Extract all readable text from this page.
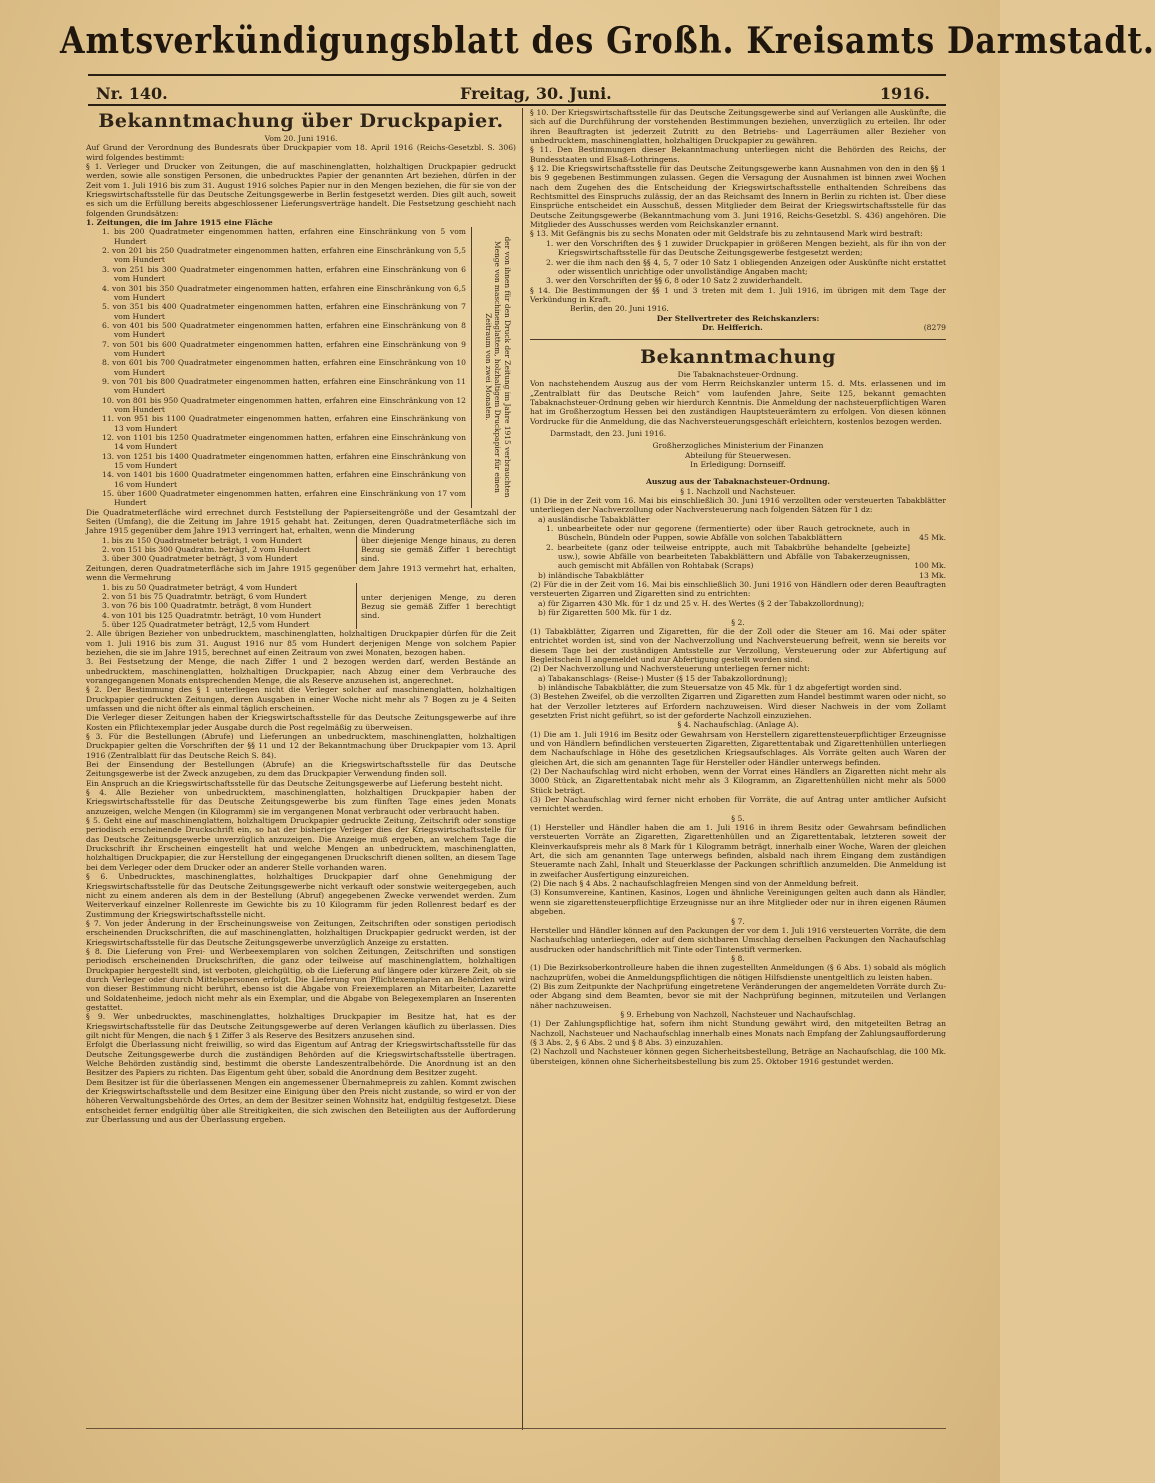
Amtsverkündigungsblatt des Großh. Kreisamts Darmstadt.
Nr. 140.	Freitag, 30. Juni.	1916.
Bekanntmachung über Druckpapier.

Vom 20. Juni 1916.

Auf Grund der Verordnung des Bundesrats über Druckpapier vom 18. April 1916 (Reichs-Gesetzbl. S. 306) wird folgendes bestimmt:

§ 1. Verleger und Drucker von Zeitungen, die auf maschinenglatten, holzhaltigen Druckpapier gedruckt werden, sowie alle sonstigen Personen, die unbedrucktes Papier der genannten Art beziehen, dürfen in der Zeit vom 1. Juli 1916 bis zum 31. August 1916 solches Papier nur in den Mengen beziehen, die für sie von der Kriegswirtschaftsstelle für das Deutsche Zeitungsgewerbe in Berlin festgesetzt werden. Dies gilt auch, soweit es sich um die Erfüllung bereits abgeschlossener Lieferungsverträge handelt. Die Festsetzung geschieht nach folgenden Grundsätzen:

1. Zeitungen, die im Jahre 1915 eine Fläche

1. bis 200 Quadratmeter eingenommen hatten, erfahren eine Einschränkung von 5 vom Hundert

2. von 201 bis 250 Quadratmeter eingenommen hatten, erfahren eine Einschränkung von 5,5 vom Hundert

3. von 251 bis 300 Quadratmeter eingenommen hatten, erfahren eine Einschränkung von 6 vom Hundert

4. von 301 bis 350 Quadratmeter eingenommen hatten, erfahren eine Einschränkung von 6,5 vom Hundert

5. von 351 bis 400 Quadratmeter eingenommen hatten, erfahren eine Einschränkung von 7 vom Hundert

6. von 401 bis 500 Quadratmeter eingenommen hatten, erfahren eine Einschränkung von 8 vom Hundert

7. von 501 bis 600 Quadratmeter eingenommen hatten, erfahren eine Einschränkung von 9 vom Hundert

8. von 601 bis 700 Quadratmeter eingenommen hatten, erfahren eine Einschränkung von 10 vom Hundert

9. von 701 bis 800 Quadratmeter eingenommen hatten, erfahren eine Einschränkung von 11 vom Hundert

10. von 801 bis 950 Quadratmeter eingenommen hatten, erfahren eine Einschränkung von 12 vom Hundert

11. von 951 bis 1100 Quadratmeter eingenommen hatten, erfahren eine Einschränkung von 13 vom Hundert

12. von 1101 bis 1250 Quadratmeter eingenommen hatten, erfahren eine Einschränkung von 14 vom Hundert

13. von 1251 bis 1400 Quadratmeter eingenommen hatten, erfahren eine Einschränkung von 15 vom Hundert

14. von 1401 bis 1600 Quadratmeter eingenommen hatten, erfahren eine Einschränkung von 16 vom Hundert

15. über 1600 Quadratmeter eingenommen hatten, erfahren eine Einschränkung von 17 vom Hundert

der von ihnen für den Druck der Zeitung im Jahre 1915 verbrauchten Menge von maschinenglattem, holzhaltigem Druckpapier für einen Zeitraum von zwei Monaten.

Die Quadratmeterfläche wird errechnet durch Feststellung der Papierseitengröße und der Gesamtzahl der Seiten (Umfang), die die Zeitung im Jahre 1915 gehabt hat. Zeitungen, deren Quadratmeterfläche sich im Jahre 1915 gegenüber dem Jahre 1913 verringert hat, erhalten, wenn die Minderung

1. bis zu 150 Quadratmeter beträgt, 1 vom Hundert

2. von 151 bis 300 Quadratm. beträgt, 2 vom Hundert

3. über 300 Quadratmeter beträgt, 3 vom Hundert

über diejenige Menge hinaus, zu deren Bezug sie gemäß Ziffer 1 berechtigt sind.

Zeitungen, deren Quadratmeterfläche sich im Jahre 1915 gegenüber dem Jahre 1913 vermehrt hat, erhalten, wenn die Vermehrung

1. bis zu 50 Quadratmeter beträgt, 4 vom Hundert

2. von 51 bis 75 Quadratmtr. beträgt, 6 vom Hundert

3. von 76 bis 100 Quadratmtr. beträgt, 8 vom Hundert

4. von 101 bis 125 Quadratmtr. beträgt, 10 vom Hundert

5. über 125 Quadratmeter beträgt, 12,5 vom Hundert

unter derjenigen Menge, zu deren Bezug sie gemäß Ziffer 1 berechtigt sind.

2. Alle übrigen Bezieher von unbedrucktem, maschinenglatten, holzhaltigen Druckpapier dürfen für die Zeit vom 1. Juli 1916 bis zum 31. August 1916 nur 85 vom Hundert derjenigen Menge von solchem Papier beziehen, die sie im Jahre 1915, berechnet auf einen Zeitraum von zwei Monaten, bezogen haben.

3. Bei Festsetzung der Menge, die nach Ziffer 1 und 2 bezogen werden darf, werden Bestände an unbedrucktem, maschinenglatten, holzhaltigen Druckpapier, nach Abzug einer dem Verbrauche des vorangegangenen Monats entsprechenden Menge, die als Reserve anzusehen ist, angerechnet.

§ 2. Der Bestimmung des § 1 unterliegen nicht die Verleger solcher auf maschinenglatten, holzhaltigen Druckpapier gedruckten Zeitungen, deren Ausgaben in einer Woche nicht mehr als 7 Bogen zu je 4 Seiten umfassen und die nicht öfter als einmal täglich erscheinen.

Die Verleger dieser Zeitungen haben der Kriegswirtschaftsstelle für das Deutsche Zeitungsgewerbe auf ihre Kosten ein Pflichtexemplar jeder Ausgabe durch die Post regelmäßig zu überweisen.

§ 3. Für die Bestellungen (Abrufe) und Lieferungen an unbedrucktem, maschinenglatten, holzhaltigen Druckpapier gelten die Vorschriften der §§ 11 und 12 der Bekanntmachung über Druckpapier vom 13. April 1916 (Zentralblatt für das Deutsche Reich S. 84).

Bei der Einsendung der Bestellungen (Abrufe) an die Kriegswirtschaftsstelle für das Deutsche Zeitungsgewerbe ist der Zweck anzugeben, zu dem das Druckpapier Verwendung finden soll.

Ein Anspruch an die Kriegswirtschaftsstelle für das Deutsche Zeitungsgewerbe auf Lieferung besteht nicht.

§ 4. Alle Bezieher von unbedrucktem, maschinenglatten, holzhaltigen Druckpapier haben der Kriegswirtschaftsstelle für das Deutsche Zeitungsgewerbe bis zum fünften Tage eines jeden Monats anzuzeigen, welche Mengen (in Kilogramm) sie im vergangenen Monat verbraucht oder verbraucht haben.

§ 5. Geht eine auf maschinenglattem, holzhaltigem Druckpapier gedruckte Zeitung, Zeitschrift oder sonstige periodisch erscheinende Druckschrift ein, so hat der bisherige Verleger dies der Kriegswirtschaftsstelle für das Deutsche Zeitungsgewerbe unverzüglich anzuzeigen. Die Anzeige muß ergeben, an welchem Tage die Druckschrift ihr Erscheinen eingestellt hat und welche Mengen an unbedrucktem, maschinenglatten, holzhaltigen Druckpapier, die zur Herstellung der eingegangenen Druckschrift dienen sollten, an diesem Tage bei dem Verleger oder dem Drucker oder an anderer Stelle vorhanden waren.

§ 6. Unbedrucktes, maschinenglattes, holzhaltiges Druckpapier darf ohne Genehmigung der Kriegswirtschaftsstelle für das Deutsche Zeitungsgewerbe nicht verkauft oder sonstwie weitergegeben, auch nicht zu einem anderen als dem in der Bestellung (Abruf) angegebenen Zwecke verwendet werden. Zum Weiterverkauf einzelner Rollenreste im Gewichte bis zu 10 Kilogramm für jeden Rollenrest bedarf es der Zustimmung der Kriegswirtschaftsstelle nicht.

§ 7. Von jeder Änderung in der Erscheinungsweise von Zeitungen, Zeitschriften oder sonstigen periodisch erscheinenden Druckschriften, die auf maschinenglatten, holzhaltigen Druckpapier gedruckt werden, ist der Kriegswirtschaftsstelle für das Deutsche Zeitungsgewerbe unverzüglich Anzeige zu erstatten.

§ 8. Die Lieferung von Frei- und Werbeexemplaren von solchen Zeitungen, Zeitschriften und sonstigen periodisch erscheinenden Druckschriften, die ganz oder teilweise auf maschinenglattem, holzhaltigen Druckpapier hergestellt sind, ist verboten, gleichgültig, ob die Lieferung auf längere oder kürzere Zeit, ob sie durch Verleger oder durch Mittelspersonen erfolgt. Die Lieferung von Pflichtexemplaren an Behörden wird von dieser Bestimmung nicht berührt, ebenso ist die Abgabe von Freiexemplaren an Mitarbeiter, Lazarette und Soldatenheime, jedoch nicht mehr als ein Exemplar, und die Abgabe von Belegexemplaren an Inserenten gestattet.

§ 9. Wer unbedrucktes, maschinenglattes, holzhaltiges Druckpapier im Besitze hat, hat es der Kriegswirtschaftsstelle für das Deutsche Zeitungsgewerbe auf deren Verlangen käuflich zu überlassen. Dies gilt nicht für Mengen, die nach § 1 Ziffer 3 als Reserve des Besitzers anzusehen sind.

Erfolgt die Überlassung nicht freiwillig, so wird das Eigentum auf Antrag der Kriegswirtschaftsstelle für das Deutsche Zeitungsgewerbe durch die zuständigen Behörden auf die Kriegswirtschaftsstelle übertragen. Welche Behörden zuständig sind, bestimmt die oberste Landeszentralbehörde. Die Anordnung ist an den Besitzer des Papiers zu richten. Das Eigentum geht über, sobald die Anordnung dem Besitzer zugeht.

Dem Besitzer ist für die überlassenen Mengen ein angemessener Übernahmepreis zu zahlen. Kommt zwischen der Kriegswirtschaftsstelle und dem Besitzer eine Einigung über den Preis nicht zustande, so wird er von der höheren Verwaltungsbehörde des Ortes, an dem der Besitzer seinen Wohnsitz hat, endgültig festgesetzt. Diese entscheidet ferner endgültig über alle Streitigkeiten, die sich zwischen den Beteiligten aus der Aufforderung zur Überlassung und aus der Überlassung ergeben.

§ 10. Der Kriegswirtschaftsstelle für das Deutsche Zeitungsgewerbe sind auf Verlangen alle Auskünfte, die sich auf die Durchführung der vorstehenden Bestimmungen beziehen, unverzüglich zu erteilen. Ihr oder ihren Beauftragten ist jederzeit Zutritt zu den Betriebs- und Lagerräumen aller Bezieher von unbedrucktem, maschinenglatten, holzhaltigen Druckpapier zu gewähren.

§ 11. Den Bestimmungen dieser Bekanntmachung unterliegen nicht die Behörden des Reichs, der Bundesstaaten und Elsaß-Lothringens.

§ 12. Die Kriegswirtschaftsstelle für das Deutsche Zeitungsgewerbe kann Ausnahmen von den in den §§ 1 bis 9 gegebenen Bestimmungen zulassen. Gegen die Versagung der Ausnahmen ist binnen zwei Wochen nach dem Zugehen des die Entscheidung der Kriegswirtschaftsstelle enthaltenden Schreibens das Rechtsmittel des Einspruchs zulässig, der an das Reichsamt des Innern in Berlin zu richten ist. Über diese Einsprüche entscheidet ein Ausschuß, dessen Mitglieder dem Beirat der Kriegswirtschaftsstelle für das Deutsche Zeitungsgewerbe (Bekanntmachung vom 3. Juni 1916, Reichs-Gesetzbl. S. 436) angehören. Die Mitglieder des Ausschusses werden vom Reichskanzler ernannt.

§ 13. Mit Gefängnis bis zu sechs Monaten oder mit Geldstrafe bis zu zehntausend Mark wird bestraft:

1. wer den Vorschriften des § 1 zuwider Druckpapier in größeren Mengen bezieht, als für ihn von der Kriegswirtschaftsstelle für das Deutsche Zeitungsgewerbe festgesetzt werden;

2. wer die ihm nach den §§ 4, 5, 7 oder 10 Satz 1 obliegenden Anzeigen oder Auskünfte nicht erstattet oder wissentlich unrichtige oder unvollständige Angaben macht;

3. wer den Vorschriften der §§ 6, 8 oder 10 Satz 2 zuwiderhandelt.

§ 14. Die Bestimmungen der §§ 1 und 3 treten mit dem 1. Juli 1916, im übrigen mit dem Tage der Verkündung in Kraft.

Berlin, den 20. Juni 1916.

Der Stellvertreter des Reichskanzlers:

Dr. Helfferich.	(8279
Bekanntmachung

Die Tabaknachsteuer-Ordnung.

Von nachstehendem Auszug aus der vom Herrn Reichskanzler unterm 15. d. Mts. erlassenen und im „Zentralblatt für das Deutsche Reich“ vom laufenden Jahre, Seite 125, bekannt gemachten Tabaknachsteuer-Ordnung geben wir hierdurch Kenntnis. Die Anmeldung der nachsteuerpflichtigen Waren hat im Großherzogtum Hessen bei den zuständigen Hauptsteuerämtern zu erfolgen. Von diesen können Vordrucke für die Anmeldung, die das Nachversteuerungsgeschäft erleichtern, kostenlos bezogen werden.

Darmstadt, den 23. Juni 1916.

Großherzogliches Ministerium der Finanzen

Abteilung für Steuerwesen.

In Erledigung: Dornseiff.

Auszug aus der Tabaknachsteuer-Ordnung.

§ 1. Nachzoll und Nachsteuer.

(1) Die in der Zeit vom 16. Mai bis einschließlich 30. Juni 1916 verzollten oder versteuerten Tabakblätter unterliegen der Nachverzollung oder Nachversteuerung nach folgenden Sätzen für 1 dz:

a) ausländische Tabakblätter

1. unbearbeitete oder nur gegorene (fermentierte) oder über Rauch getrocknete, auch in Büscheln, Bündeln oder Puppen, sowie Abfälle von solchen Tabakblättern	45 Mk.

2. bearbeitete (ganz oder teilweise entrippte, auch mit Tabakbrühe behandelte [gebeizte] usw.), sowie Abfälle von bearbeiteten Tabakblättern und Abfälle von Tabakerzeugnissen, auch gemischt mit Abfällen von Rohtabak (Scraps)	100 Mk.

b) inländische Tabakblätter	13 Mk.

(2) Für die in der Zeit vom 16. Mai bis einschließlich 30. Juni 1916 von Händlern oder deren Beauftragten versteuerten Zigarren und Zigaretten sind zu entrichten:

a) für Zigarren 430 Mk. für 1 dz und 25 v. H. des Wertes (§ 2 der Tabakzollordnung);

b) für Zigaretten 500 Mk. für 1 dz.

§ 2.

(1) Tabakblätter, Zigarren und Zigaretten, für die der Zoll oder die Steuer am 16. Mai oder später entrichtet worden ist, sind von der Nachverzollung und Nachversteuerung befreit, wenn sie bereits vor diesem Tage bei der zuständigen Amtsstelle zur Verzollung, Versteuerung oder zur Abfertigung auf Begleitschein II angemeldet und zur Abfertigung gestellt worden sind.

(2) Der Nachverzollung und Nachversteuerung unterliegen ferner nicht:

a) Tabakanschlags- (Reise-) Muster (§ 15 der Tabakzollordnung);

b) inländische Tabakblätter, die zum Steuersatze von 45 Mk. für 1 dz abgefertigt worden sind.

(3) Bestehen Zweifel, ob die verzollten Zigarren und Zigaretten zum Handel bestimmt waren oder nicht, so hat der Verzoller letzteres auf Erfordern nachzuweisen. Wird dieser Nachweis in der vom Zollamt gesetzten Frist nicht geführt, so ist der geforderte Nachzoll einzuziehen.

§ 4. Nachaufschlag. (Anlage A).

(1) Die am 1. Juli 1916 im Besitz oder Gewahrsam von Herstellern zigarettensteuerpflichtiger Erzeugnisse und von Händlern befindlichen versteuerten Zigaretten, Zigarettentabak und Zigarettenhüllen unterliegen dem Nachaufschlage in Höhe des gesetzlichen Kriegsaufschlages. Als Vorräte gelten auch Waren der gleichen Art, die sich am genannten Tage für Hersteller oder Händler unterwegs befinden.

(2) Der Nachaufschlag wird nicht erhoben, wenn der Vorrat eines Händlers an Zigaretten nicht mehr als 3000 Stück, an Zigarettentabak nicht mehr als 3 Kilogramm, an Zigarettenhüllen nicht mehr als 5000 Stück beträgt.

(3) Der Nachaufschlag wird ferner nicht erhoben für Vorräte, die auf Antrag unter amtlicher Aufsicht vernichtet werden.

§ 5.

(1) Hersteller und Händler haben die am 1. Juli 1916 in ihrem Besitz oder Gewahrsam befindlichen versteuerten Vorräte an Zigaretten, Zigarettenhüllen und an Zigarettentabak, letzteren soweit der Kleinverkaufspreis mehr als 8 Mark für 1 Kilogramm beträgt, innerhalb einer Woche, Waren der gleichen Art, die sich am genannten Tage unterwegs befinden, alsbald nach ihrem Eingang dem zuständigen Steueramte nach Zahl, Inhalt und Steuerklasse der Packungen schriftlich anzumelden. Die Anmeldung ist in zweifacher Ausfertigung einzureichen.

(2) Die nach § 4 Abs. 2 nachaufschlagfreien Mengen sind von der Anmeldung befreit.

(3) Konsumvereine, Kantinen, Kasinos, Logen und ähnliche Vereinigungen gelten auch dann als Händler, wenn sie zigarettensteuerpflichtige Erzeugnisse nur an ihre Mitglieder oder nur in ihren eigenen Räumen abgeben.

§ 7.

Hersteller und Händler können auf den Packungen der vor dem 1. Juli 1916 versteuerten Vorräte, die dem Nachaufschlag unterliegen, oder auf dem sichtbaren Umschlag derselben Packungen den Nachaufschlag ausdrucken oder handschriftlich mit Tinte oder Tintenstift vermerken.

§ 8.

(1) Die Bezirksoberkontrolleure haben die ihnen zugestellten Anmeldungen (§ 6 Abs. 1) sobald als möglich nachzuprüfen, wobei die Anmeldungspflichtigen die nötigen Hilfsdienste unentgeltlich zu leisten haben.

(2) Bis zum Zeitpunkte der Nachprüfung eingetretene Veränderungen der angemeldeten Vorräte durch Zu- oder Abgang sind dem Beamten, bevor sie mit der Nachprüfung beginnen, mitzuteilen und Verlangen näher nachzuweisen.

§ 9. Erhebung von Nachzoll, Nachsteuer und Nachaufschlag.

(1) Der Zahlungspflichtige hat, sofern ihm nicht Stundung gewährt wird, den mitgeteilten Betrag an Nachzoll, Nachsteuer und Nachaufschlag innerhalb eines Monats nach Empfang der Zahlungsaufforderung (§ 3 Abs. 2, § 6 Abs. 2 und § 8 Abs. 3) einzuzahlen.

(2) Nachzoll und Nachsteuer können gegen Sicherheitsbestellung, Beträge an Nachaufschlag, die 100 Mk. übersteigen, können ohne Sicherheitsbestellung bis zum 25. Oktober 1916 gestundet werden.
